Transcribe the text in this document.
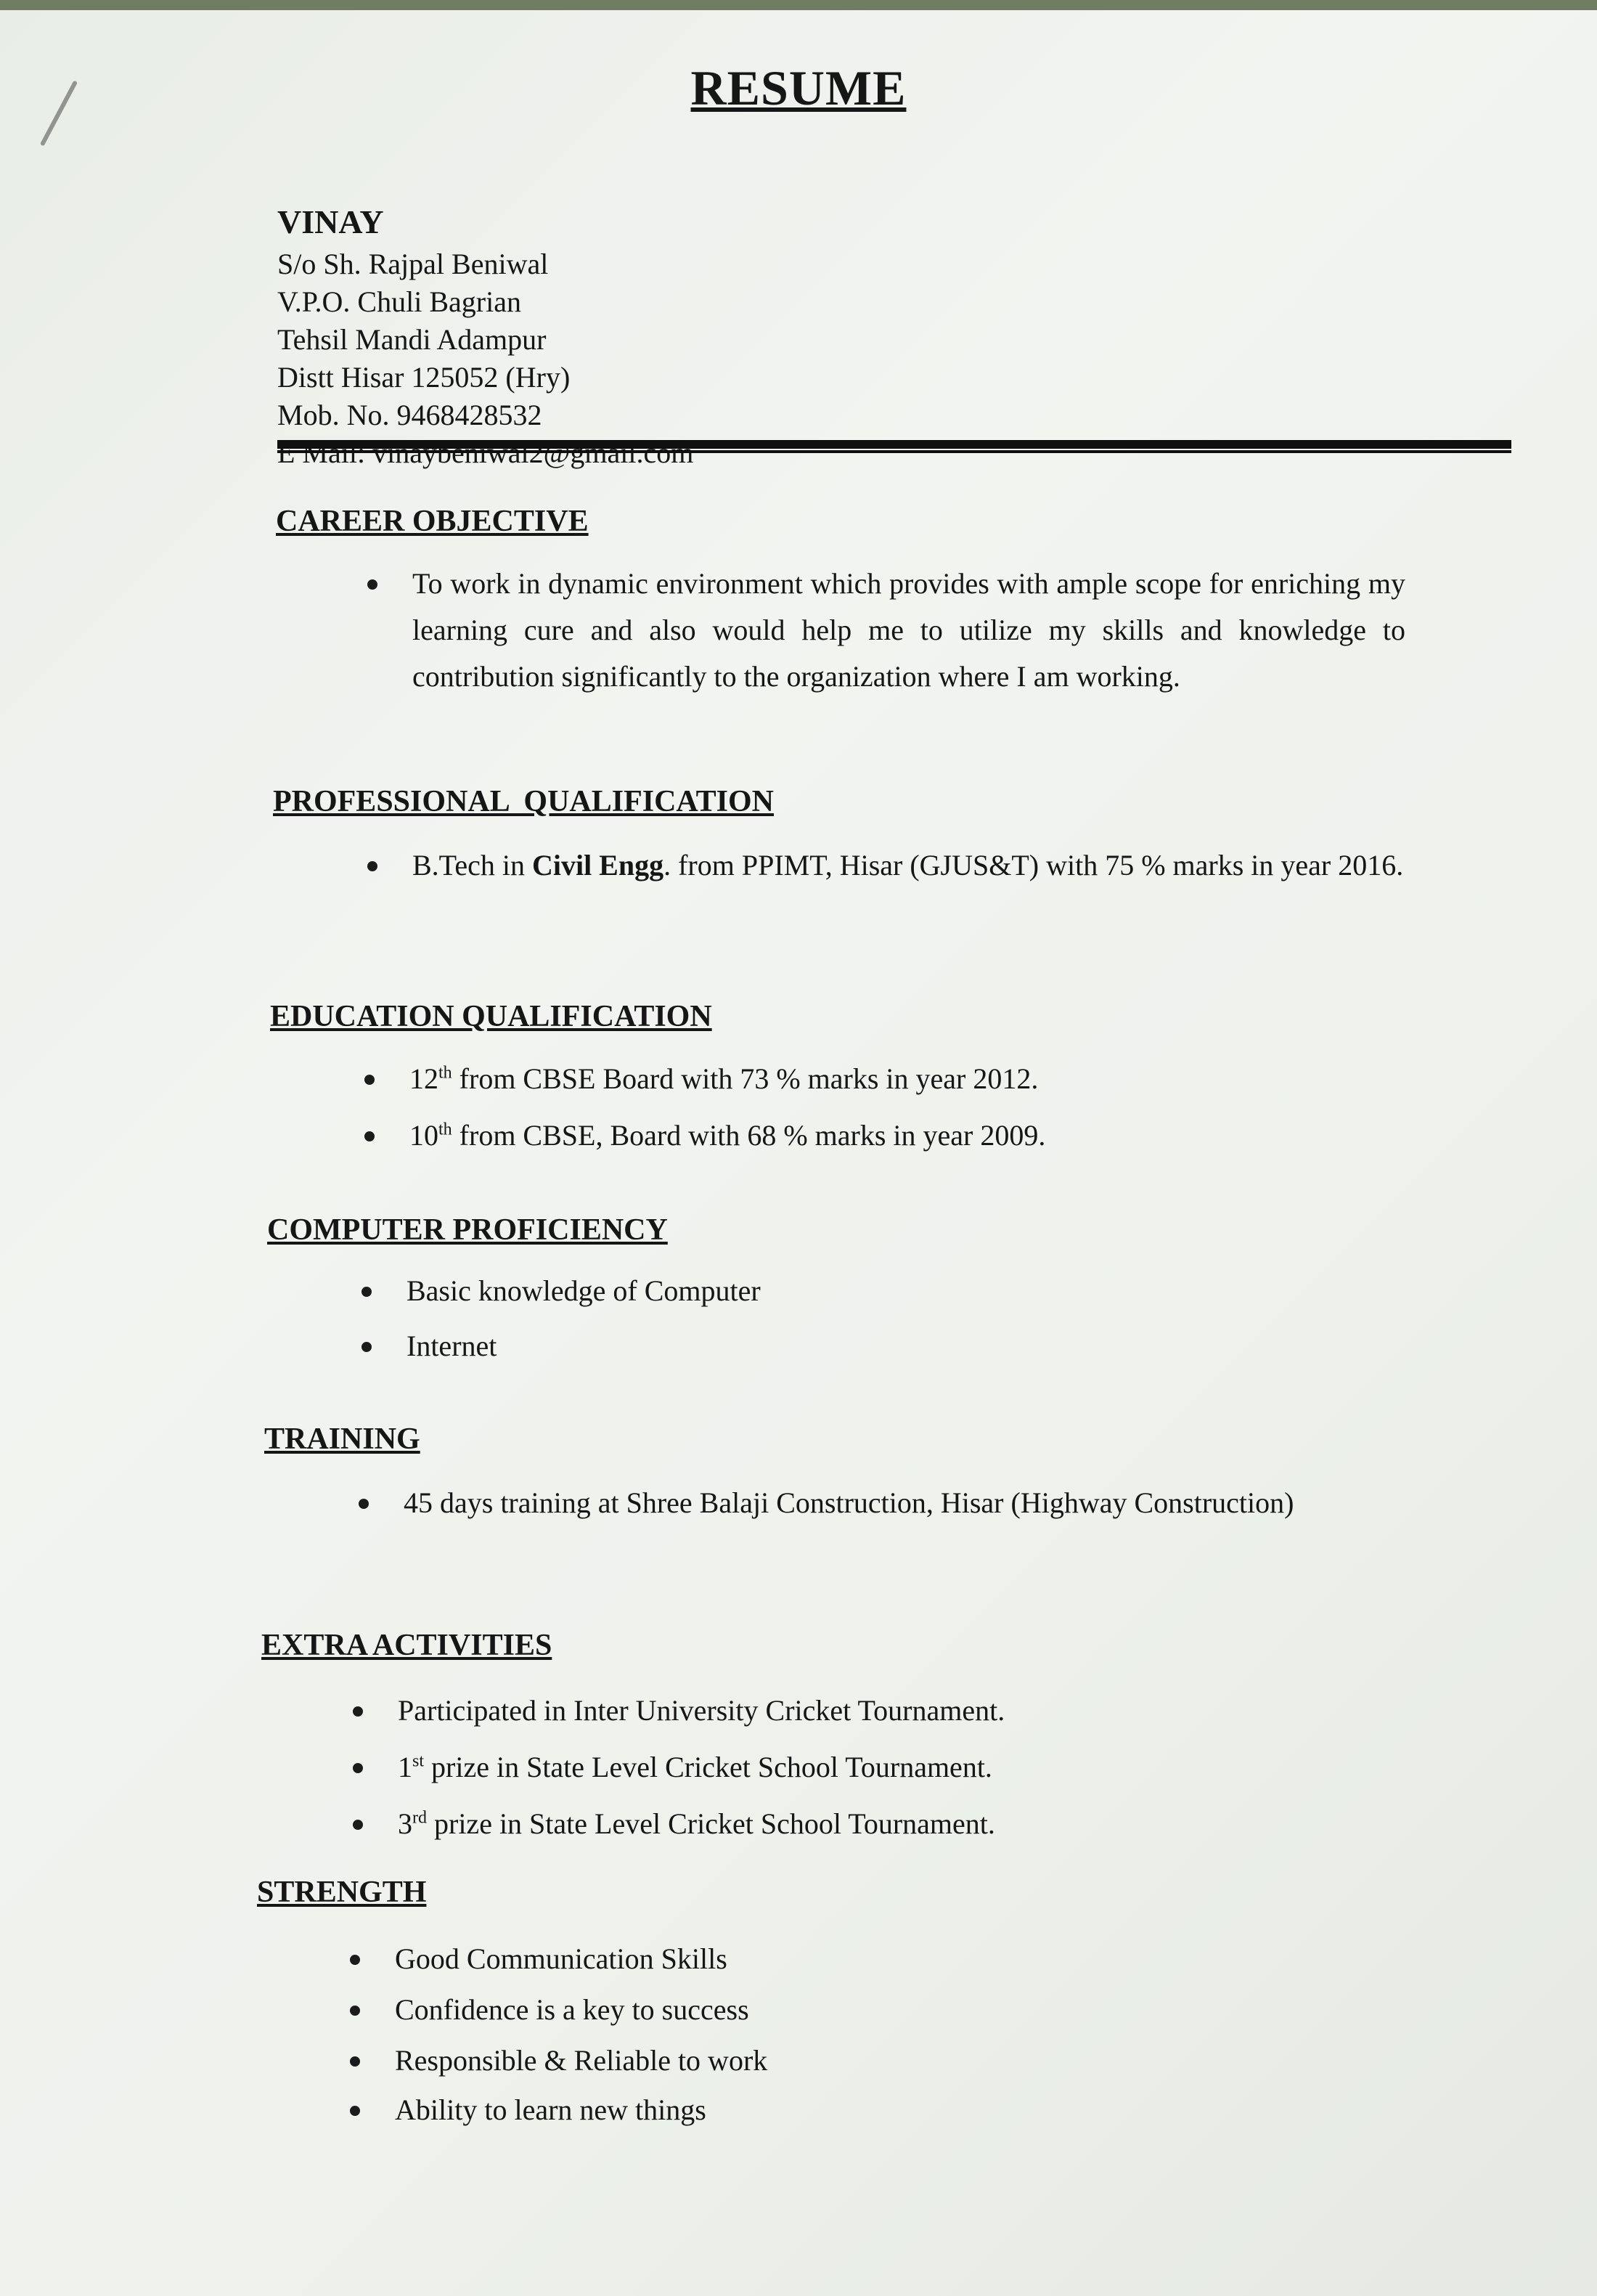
RESUME

VINAY

S/o Sh. Rajpal Beniwal

V.P.O. Chuli Bagrian

Tehsil Mandi Adampur

Distt Hisar 125052 (Hry)

Mob. No. 9468428532

E Mail: vinaybeniwal2@gmail.com

CAREER OBJECTIVE
To work in dynamic environment which provides with ample scope for enriching my learning cure and also would help me to utilize my skills and knowledge to contribution significantly to the organization where I am working.
PROFESSIONAL  QUALIFICATION
B.Tech in Civil Engg. from PPIMT, Hisar (GJUS&T) with 75 % marks in year 2016.
EDUCATION QUALIFICATION
12th from CBSE Board with 73 % marks in year 2012.
10th from CBSE, Board with 68 % marks in year 2009.
COMPUTER PROFICIENCY
Basic knowledge of Computer
Internet
TRAINING
45 days training at Shree Balaji Construction, Hisar (Highway Construction)
EXTRA ACTIVITIES
Participated in Inter University Cricket Tournament.
1st prize in State Level Cricket School Tournament.
3rd prize in State Level Cricket School Tournament.
STRENGTH
Good Communication Skills
Confidence is a key to success
Responsible & Reliable to work
Ability to learn new things
